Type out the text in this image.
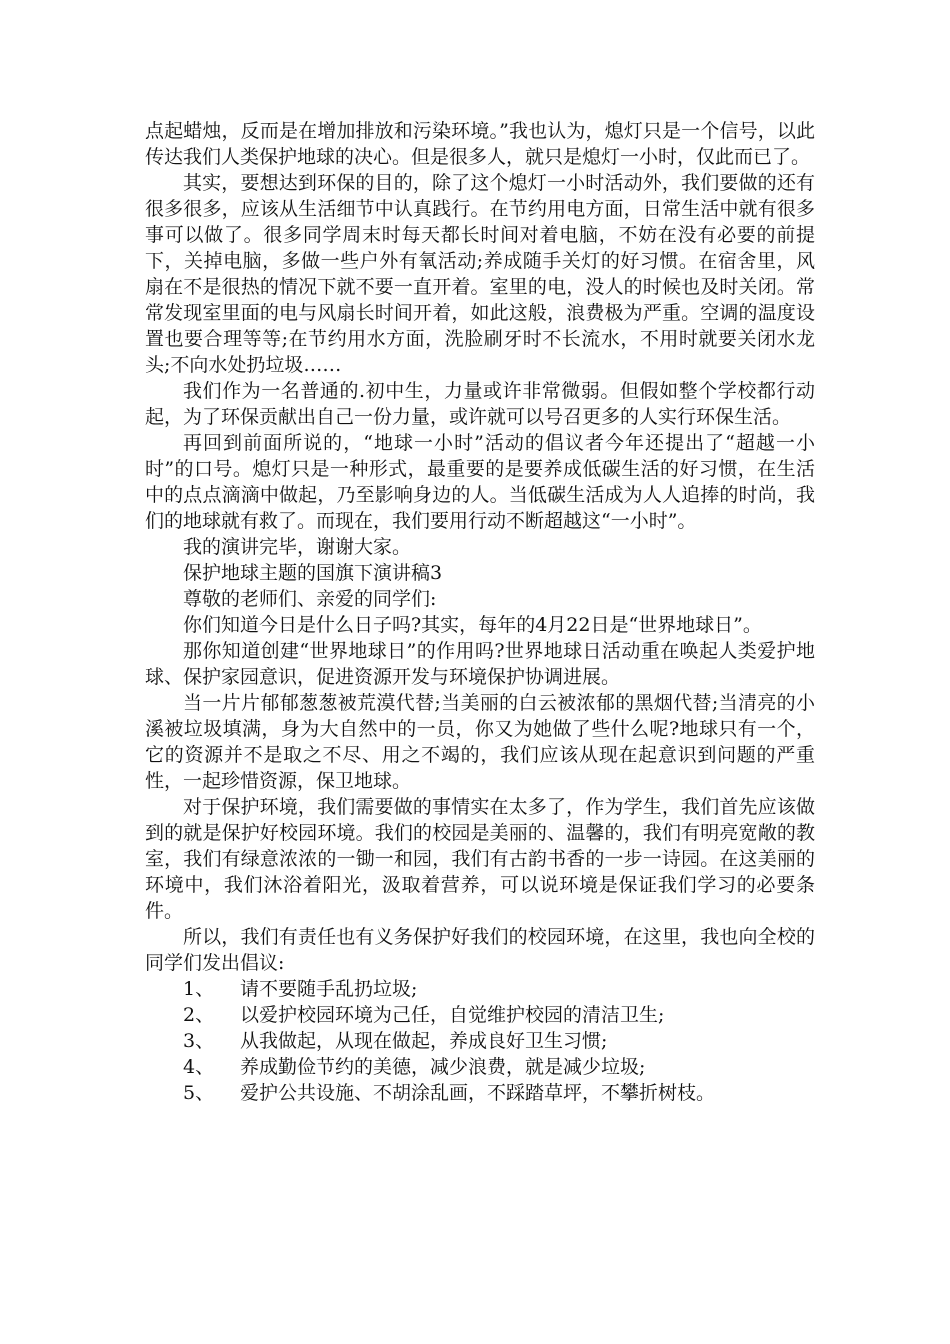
点起蜡烛，反而是在增加排放和污染环境。”我也认为，熄灯只是一个信号，以此传达我们人类保护地球的决心。但是很多人，就只是熄灯一小时，仅此而已了。

其实，要想达到环保的目的，除了这个熄灯一小时活动外，我们要做的还有很多很多，应该从生活细节中认真践行。在节约用电方面，日常生活中就有很多事可以做了。很多同学周末时每天都长时间对着电脑，不妨在没有必要的前提下，关掉电脑，多做一些户外有氧活动;养成随手关灯的好习惯。在宿舍里，风扇在不是很热的情况下就不要一直开着。室里的电，没人的时候也及时关闭。常常发现室里面的电与风扇长时间开着，如此这般，浪费极为严重。空调的温度设置也要合理等等;在节约用水方面，洗脸刷牙时不长流水，不用时就要关闭水龙头;不向水处扔垃圾……

我们作为一名普通的.初中生，力量或许非常微弱。但假如整个学校都行动起，为了环保贡献出自己一份力量，或许就可以号召更多的人实行环保生活。

再回到前面所说的，“地球一小时”活动的倡议者今年还提出了“超越一小时”的口号。熄灯只是一种形式，最重要的是要养成低碳生活的好习惯，在生活中的点点滴滴中做起，乃至影响身边的人。当低碳生活成为人人追捧的时尚，我们的地球就有救了。而现在，我们要用行动不断超越这“一小时”。

我的演讲完毕，谢谢大家。

保护地球主题的国旗下演讲稿3

尊敬的老师们、亲爱的同学们:

你们知道今日是什么日子吗?其实，每年的4月22日是“世界地球日”。

那你知道创建“世界地球日”的作用吗?世界地球日活动重在唤起人类爱护地球、保护家园意识，促进资源开发与环境保护协调进展。

当一片片郁郁葱葱被荒漠代替;当美丽的白云被浓郁的黑烟代替;当清亮的小溪被垃圾填满，身为大自然中的一员，你又为她做了些什么呢?地球只有一个，它的资源并不是取之不尽、用之不竭的，我们应该从现在起意识到问题的严重性，一起珍惜资源，保卫地球。

对于保护环境，我们需要做的事情实在太多了，作为学生，我们首先应该做到的就是保护好校园环境。我们的校园是美丽的、温馨的，我们有明亮宽敞的教室，我们有绿意浓浓的一锄一和园，我们有古韵书香的一步一诗园。在这美丽的环境中，我们沐浴着阳光，汲取着营养，可以说环境是保证我们学习的必要条件。

所以，我们有责任也有义务保护好我们的校园环境，在这里，我也向全校的同学们发出倡议:

1、	请不要随手乱扔垃圾;
2、	以爱护校园环境为己任，自觉维护校园的清洁卫生;
3、	从我做起，从现在做起，养成良好卫生习惯;
4、	养成勤俭节约的美德，减少浪费，就是减少垃圾;
5、	爱护公共设施、不胡涂乱画，不踩踏草坪，不攀折树枝。
